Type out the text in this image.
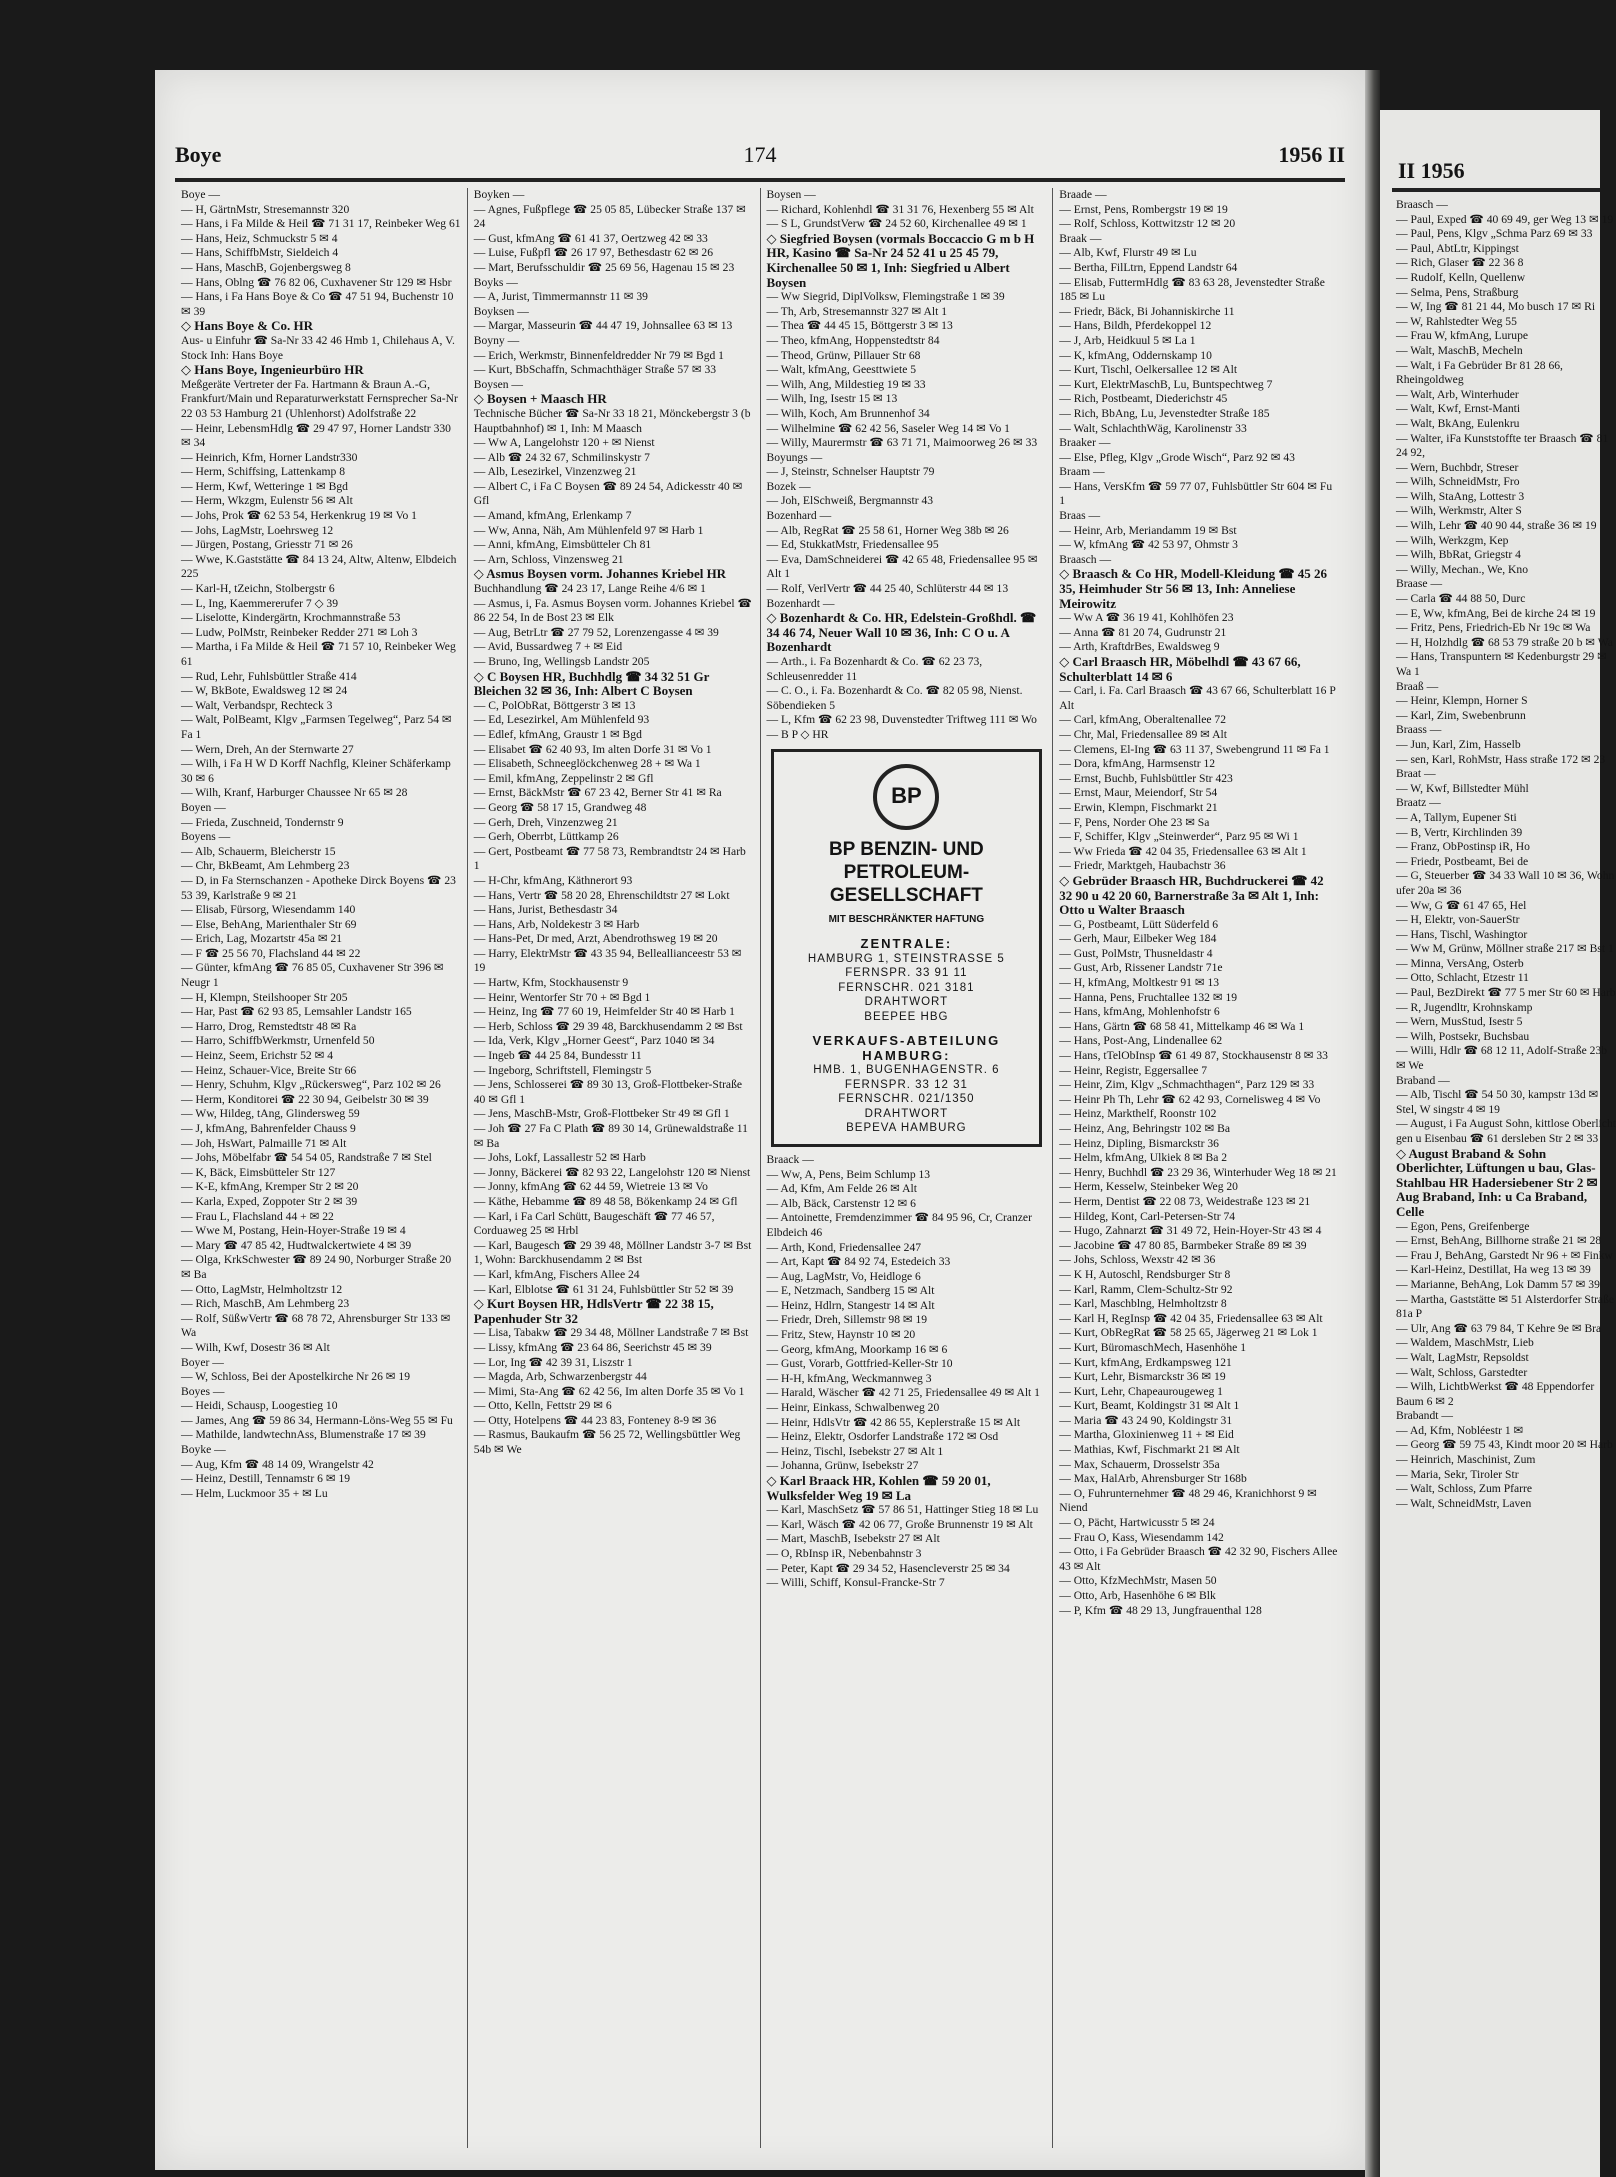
Boye	174	1956 II
Boye —
— H, GärtnMstr, Stresemannstr 320
— Hans, i Fa Milde & Heil ☎ 71 31 17, Reinbeker Weg 61
— Hans, Heiz, Schmuckstr 5 ✉ 4
— Hans, SchiffbMstr, Sieldeich 4
— Hans, MaschB, Gojenbergsweg 8
— Hans, Oblng ☎ 76 82 06, Cuxhavener Str 129 ✉ Hsbr
— Hans, i Fa Hans Boye & Co ☎ 47 51 94, Buchenstr 10 ✉ 39
◇ Hans Boye & Co. HR
Aus- u Einfuhr ☎ Sa-Nr 33 42 46 Hmb 1, Chilehaus A, V. Stock Inh: Hans Boye
◇ Hans Boye, Ingenieurbüro HR
Meßgeräte Vertreter der Fa. Hartmann & Braun A.-G, Frankfurt/Main und Reparaturwerkstatt Fernsprecher Sa-Nr 22 03 53 Hamburg 21 (Uhlenhorst) Adolfstraße 22
— Heinr, LebensmHdlg ☎ 29 47 97, Horner Landstr 330 ✉ 34
— Heinrich, Kfm, Horner Landstr330
— Herm, Schiffsing, Lattenkamp 8
— Herm, Kwf, Wetteringe 1 ✉ Bgd
— Herm, Wkzgm, Eulenstr 56 ✉ Alt
— Johs, Prok ☎ 62 53 54, Herkenkrug 19 ✉ Vo 1
— Johs, LagMstr, Loehrsweg 12
— Jürgen, Postang, Griesstr 71 ✉ 26
— Wwe, K.Gaststätte ☎ 84 13 24, Altw, Altenw, Elbdeich 225
— Karl-H, tZeichn, Stolbergstr 6
— L, Ing, Kaemmererufer 7 ◇ 39
— Liselotte, Kindergärtn, Krochmannstraße 53
— Ludw, PolMstr, Reinbeker Redder 271 ✉ Loh 3
— Martha, i Fa Milde & Heil ☎ 71 57 10, Reinbeker Weg 61
— Rud, Lehr, Fuhlsbüttler Straße 414
— W, BkBote, Ewaldsweg 12 ✉ 24
— Walt, Verbandspr, Rechteck 3
— Walt, PolBeamt, Klgv „Farmsen Tegelweg“, Parz 54 ✉ Fa 1
— Wern, Dreh, An der Sternwarte 27
— Wilh, i Fa H W D Korff Nachflg, Kleiner Schäferkamp 30 ✉ 6
— Wilh, Kranf, Harburger Chaussee Nr 65 ✉ 28
Boyen —
— Frieda, Zuschneid, Tondernstr 9
Boyens —
— Alb, Schauerm, Bleicherstr 15
— Chr, BkBeamt, Am Lehmberg 23
— D, in Fa Sternschanzen - Apotheke Dirck Boyens ☎ 23 53 39, Karlstraße 9 ✉ 21
— Elisab, Fürsorg, Wiesendamm 140
— Else, BehAng, Marienthaler Str 69
— Erich, Lag, Mozartstr 45a ✉ 21
— F ☎ 25 56 70, Flachsland 44 ✉ 22
— Günter, kfmAng ☎ 76 85 05, Cuxhavener Str 396 ✉ Neugr 1
— H, Klempn, Steilshooper Str 205
— Har, Past ☎ 62 93 85, Lemsahler Landstr 165
— Harro, Drog, Remstedtstr 48 ✉ Ra
— Harro, SchiffbWerkmstr, Urnenfeld 50
— Heinz, Seem, Erichstr 52 ✉ 4
— Heinz, Schauer-Vice, Breite Str 66
— Henry, Schuhm, Klgv „Rückersweg“, Parz 102 ✉ 26
— Herm, Konditorei ☎ 22 30 94, Geibelstr 30 ✉ 39
— Ww, Hildeg, tAng, Glindersweg 59
— J, kfmAng, Bahrenfelder Chauss 9
— Joh, HsWart, Palmaille 71 ✉ Alt
— Johs, Möbelfabr ☎ 54 54 05, Randstraße 7 ✉ Stel
— K, Bäck, Eimsbütteler Str 127
— K-E, kfmAng, Kremper Str 2 ✉ 20
— Karla, Exped, Zoppoter Str 2 ✉ 39
— Frau L, Flachsland 44 + ✉ 22
— Wwe M, Postang, Hein-Hoyer-Straße 19 ✉ 4
— Mary ☎ 47 85 42, Hudtwalckertwiete 4 ✉ 39
— Olga, KrkSchwester ☎ 89 24 90, Norburger Straße 20 ✉ Ba
— Otto, LagMstr, Helmholtzstr 12
— Rich, MaschB, Am Lehmberg 23
— Rolf, SüßwVertr ☎ 68 78 72, Ahrensburger Str 133 ✉ Wa
— Wilh, Kwf, Dosestr 36 ✉ Alt
Boyer —
— W, Schloss, Bei der Apostelkirche Nr 26 ✉ 19
Boyes —
— Heidi, Schausp, Loogestieg 10
— James, Ang ☎ 59 86 34, Hermann-Löns-Weg 55 ✉ Fu
— Mathilde, landwtechnAss, Blumenstraße 17 ✉ 39
Boyke —
— Aug, Kfm ☎ 48 14 09, Wrangelstr 42
— Heinz, Destill, Tennamstr 6 ✉ 19
— Helm, Luckmoor 35 + ✉ Lu
Boyken —
— Agnes, Fußpflege ☎ 25 05 85, Lübecker Straße 137 ✉ 24
— Gust, kfmAng ☎ 61 41 37, Oertzweg 42 ✉ 33
— Luise, Fußpfl ☎ 26 17 97, Bethesdastr 62 ✉ 26
— Mart, Berufsschuldir ☎ 25 69 56, Hagenau 15 ✉ 23
Boyks —
— A, Jurist, Timmermannstr 11 ✉ 39
Boyksen —
— Margar, Masseurin ☎ 44 47 19, Johnsallee 63 ✉ 13
Boyny —
— Erich, Werkmstr, Binnenfeldredder Nr 79 ✉ Bgd 1
— Kurt, BbSchaffn, Schmachthäger Straße 57 ✉ 33
Boysen —
◇ Boysen + Maasch HR
Technische Bücher ☎ Sa-Nr 33 18 21, Mönckebergstr 3 (b Hauptbahnhof) ✉ 1, Inh: M Maasch
— Ww A, Langelohstr 120 + ✉ Nienst
— Alb ☎ 24 32 67, Schmilinskystr 7
— Alb, Lesezirkel, Vinzenzweg 21
— Albert C, i Fa C Boysen ☎ 89 24 54, Adickesstr 40 ✉ Gfl
— Amand, kfmAng, Erlenkamp 7
— Ww, Anna, Näh, Am Mühlenfeld 97 ✉ Harb 1
— Anni, kfmAng, Eimsbütteler Ch 81
— Arn, Schloss, Vinzensweg 21
◇ Asmus Boysen vorm. Johannes Kriebel HR
Buchhandlung ☎ 24 23 17, Lange Reihe 4/6 ✉ 1
— Asmus, i, Fa. Asmus Boysen vorm. Johannes Kriebel ☎ 86 22 54, In de Bost 23 ✉ Elk
— Aug, BetrLtr ☎ 27 79 52, Lorenzengasse 4 ✉ 39
— Avid, Bussardweg 7 + ✉ Eid
— Bruno, Ing, Wellingsb Landstr 205
◇ C Boysen HR, Buchhdlg ☎ 34 32 51 Gr Bleichen 32 ✉ 36, Inh: Albert C Boysen
— C, PolObRat, Böttgerstr 3 ✉ 13
— Ed, Lesezirkel, Am Mühlenfeld 93
— Edlef, kfmAng, Graustr 1 ✉ Bgd
— Elisabet ☎ 62 40 93, Im alten Dorfe 31 ✉ Vo 1
— Elisabeth, Schneeglöckchenweg 28 + ✉ Wa 1
— Emil, kfmAng, Zeppelinstr 2 ✉ Gfl
— Ernst, BäckMstr ☎ 67 23 42, Berner Str 41 ✉ Ra
— Georg ☎ 58 17 15, Grandweg 48
— Gerh, Dreh, Vinzenzweg 21
— Gerh, Oberrbt, Lüttkamp 26
— Gert, Postbeamt ☎ 77 58 73, Rembrandtstr 24 ✉ Harb 1
— H-Chr, kfmAng, Käthnerort 93
— Hans, Vertr ☎ 58 20 28, Ehrenschildtstr 27 ✉ Lokt
— Hans, Jurist, Bethesdastr 34
— Hans, Arb, Noldekestr 3 ✉ Harb
— Hans-Pet, Dr med, Arzt, Abendrothsweg 19 ✉ 20
— Harry, ElektrMstr ☎ 43 35 94, Belleallianceestr 53 ✉ 19
— Hartw, Kfm, Stockhausenstr 9
— Heinr, Wentorfer Str 70 + ✉ Bgd 1
— Heinz, Ing ☎ 77 60 19, Heimfelder Str 40 ✉ Harb 1
— Herb, Schloss ☎ 29 39 48, Barckhusendamm 2 ✉ Bst
— Ida, Verk, Klgv „Horner Geest“, Parz 1040 ✉ 34
— Ingeb ☎ 44 25 84, Bundesstr 11
— Ingeborg, Schriftstell, Flemingstr 5
— Jens, Schlosserei ☎ 89 30 13, Groß-Flottbeker-Straße 40 ✉ Gfl 1
— Jens, MaschB-Mstr, Groß-Flottbeker Str 49 ✉ Gfl 1
— Joh ☎ 27 Fa C Plath ☎ 89 30 14, Grünewaldstraße 11 ✉ Ba
— Johs, Lokf, Lassallestr 52 ✉ Harb
— Jonny, Bäckerei ☎ 82 93 22, Langelohstr 120 ✉ Nienst
— Jonny, kfmAng ☎ 62 44 59, Wietreie 13 ✉ Vo
— Käthe, Hebamme ☎ 89 48 58, Bökenkamp 24 ✉ Gfl
— Karl, i Fa Carl Schütt, Baugeschäft ☎ 77 46 57, Corduaweg 25 ✉ Hrbl
— Karl, Baugesch ☎ 29 39 48, Möllner Landstr 3-7 ✉ Bst 1, Wohn: Barckhusendamm 2 ✉ Bst
— Karl, kfmAng, Fischers Allee 24
— Karl, Elblotse ☎ 61 31 24, Fuhlsbüttler Str 52 ✉ 39
◇ Kurt Boysen HR, HdlsVertr ☎ 22 38 15, Papenhuder Str 32
— Lisa, Tabakw ☎ 29 34 48, Möllner Landstraße 7 ✉ Bst
— Lissy, kfmAng ☎ 23 64 86, Seerichstr 45 ✉ 39
— Lor, Ing ☎ 42 39 31, Liszstr 1
— Magda, Arb, Schwarzenbergstr 44
— Mimi, Sta-Ang ☎ 62 42 56, Im alten Dorfe 35 ✉ Vo 1
— Otto, Kelln, Fettstr 29 ✉ 6
— Otty, Hotelpens ☎ 44 23 83, Fonteney 8-9 ✉ 36
— Rasmus, Baukaufm ☎ 56 25 72, Wellingsbüttler Weg 54b ✉ We
Boysen —
— Richard, Kohlenhdl ☎ 31 31 76, Hexenberg 55 ✉ Alt
— S L, GrundstVerw ☎ 24 52 60, Kirchenallee 49 ✉ 1
◇ Siegfried Boysen (vormals Boccaccio G m b H HR, Kasino ☎ Sa-Nr 24 52 41 u 25 45 79, Kirchenallee 50 ✉ 1, Inh: Siegfried u Albert Boysen
— Ww Siegrid, DiplVolksw, Flemingstraße 1 ✉ 39
— Th, Arb, Stresemannstr 327 ✉ Alt 1
— Thea ☎ 44 45 15, Böttgerstr 3 ✉ 13
— Theo, kfmAng, Hoppenstedtstr 84
— Theod, Grünw, Pillauer Str 68
— Walt, kfmAng, Geesttwiete 5
— Wilh, Ang, Mildestieg 19 ✉ 33
— Wilh, Ing, Isestr 15 ✉ 13
— Wilh, Koch, Am Brunnenhof 34
— Wilhelmine ☎ 62 42 56, Saseler Weg 14 ✉ Vo 1
— Willy, Maurermstr ☎ 63 71 71, Maimoorweg 26 ✉ 33
Boyungs —
— J, Steinstr, Schnelser Hauptstr 79
Bozek —
— Joh, ElSchweiß, Bergmannstr 43
Bozenhard —
— Alb, RegRat ☎ 25 58 61, Horner Weg 38b ✉ 26
— Ed, StukkatMstr, Friedensallee 95
— Eva, DamSchneiderei ☎ 42 65 48, Friedensallee 95 ✉ Alt 1
— Rolf, VerlVertr ☎ 44 25 40, Schlüterstr 44 ✉ 13
Bozenhardt —
◇ Bozenhardt & Co. HR, Edelstein-Großhdl. ☎ 34 46 74, Neuer Wall 10 ✉ 36, Inh: C O u. A Bozenhardt
— Arth., i. Fa Bozenhardt & Co. ☎ 62 23 73, Schleusenredder 11
— C. O., i. Fa. Bozenhardt & Co. ☎ 82 05 98, Nienst. Söbendieken 5
— L, Kfm ☎ 62 23 98, Duvenstedter Triftweg 111 ✉ Wo
— B P ◇ HR
BP
BP BENZIN- UND PETROLEUM- GESELLSCHAFT
MIT BESCHRÄNKTER HAFTUNG
ZENTRALE:
HAMBURG 1, STEINSTRASSE 5
FERNSPR. 33 91 11
FERNSCHR. 021 3181
DRAHTWORT
BEEPEE HBG
VERKAUFS-ABTEILUNG HAMBURG:
HMB. 1, BUGENHAGENSTR. 6
FERNSPR. 33 12 31
FERNSCHR. 021/1350
DRAHTWORT
BEPEVA HAMBURG
Braack —
— Ww, A, Pens, Beim Schlump 13
— Ad, Kfm, Am Felde 26 ✉ Alt
— Alb, Bäck, Carstenstr 12 ✉ 6
— Antoinette, Fremdenzimmer ☎ 84 95 96, Cr, Cranzer Elbdeich 46
— Arth, Kond, Friedensallee 247
— Art, Kapt ☎ 84 92 74, Estedeich 33
— Aug, LagMstr, Vo, Heidloge 6
— E, Netzmach, Sandberg 15 ✉ Alt
— Heinz, Hdlrn, Stangestr 14 ✉ Alt
— Friedr, Dreh, Sillemstr 98 ✉ 19
— Fritz, Stew, Haynstr 10 ✉ 20
— Georg, kfmAng, Moorkamp 16 ✉ 6
— Gust, Vorarb, Gottfried-Keller-Str 10
— H-H, kfmAng, Weckmannweg 3
— Harald, Wäscher ☎ 42 71 25, Friedensallee 49 ✉ Alt 1
— Heinr, Einkass, Schwalbenweg 20
— Heinr, HdlsVtr ☎ 42 86 55, Keplerstraße 15 ✉ Alt
— Heinz, Elektr, Osdorfer Landstraße 172 ✉ Osd
— Heinz, Tischl, Isebekstr 27 ✉ Alt 1
— Johanna, Grünw, Isebekstr 27
◇ Karl Braack HR, Kohlen ☎ 59 20 01, Wulksfelder Weg 19 ✉ La
— Karl, MaschSetz ☎ 57 86 51, Hattinger Stieg 18 ✉ Lu
— Karl, Wäsch ☎ 42 06 77, Große Brunnenstr 19 ✉ Alt
— Mart, MaschB, Isebekstr 27 ✉ Alt
— O, RbInsp iR, Nebenbahnstr 3
— Peter, Kapt ☎ 29 34 52, Hasencleverstr 25 ✉ 34
— Willi, Schiff, Konsul-Francke-Str 7
Braade —
— Ernst, Pens, Rombergstr 19 ✉ 19
— Rolf, Schloss, Kottwitzstr 12 ✉ 20
Braak —
— Alb, Kwf, Flurstr 49 ✉ Lu
— Bertha, FilLtrn, Eppend Landstr 64
— Elisab, FuttermHdlg ☎ 83 63 28, Jevenstedter Straße 185 ✉ Lu
— Friedr, Bäck, Bi Johanniskirche 11
— Hans, Bildh, Pferdekoppel 12
— J, Arb, Heidkuul 5 ✉ La 1
— K, kfmAng, Oddernskamp 10
— Kurt, Tischl, Oelkersallee 12 ✉ Alt
— Kurt, ElektrMaschB, Lu, Buntspechtweg 7
— Rich, Postbeamt, Diederichstr 45
— Rich, BbAng, Lu, Jevenstedter Straße 185
— Walt, SchlachthWäg, Karolinenstr 33
Braaker —
— Else, Pfleg, Klgv „Grode Wisch“, Parz 92 ✉ 43
Braam —
— Hans, VersKfm ☎ 59 77 07, Fuhlsbüttler Str 604 ✉ Fu 1
Braas —
— Heinr, Arb, Meriandamm 19 ✉ Bst
— W, kfmAng ☎ 42 53 97, Ohmstr 3
Braasch —
◇ Braasch & Co HR, Modell-Kleidung ☎ 45 26 35, Heimhuder Str 56 ✉ 13, Inh: Anneliese Meirowitz
— Ww A ☎ 36 19 41, Kohlhöfen 23
— Anna ☎ 81 20 74, Gudrunstr 21
— Arth, KraftdrBes, Ewaldsweg 9
◇ Carl Braasch HR, Möbelhdl ☎ 43 67 66, Schulterblatt 14 ✉ 6
— Carl, i. Fa. Carl Braasch ☎ 43 67 66, Schulterblatt 16 P Alt
— Carl, kfmAng, Oberaltenallee 72
— Chr, Mal, Friedensallee 89 ✉ Alt
— Clemens, El-Ing ☎ 63 11 37, Swebengrund 11 ✉ Fa 1
— Dora, kfmAng, Harmsenstr 12
— Ernst, Buchb, Fuhlsbüttler Str 423
— Ernst, Maur, Meiendorf, Str 54
— Erwin, Klempn, Fischmarkt 21
— F, Pens, Norder Ohe 23 ✉ Sa
— F, Schiffer, Klgv „Steinwerder“, Parz 95 ✉ Wi 1
— Ww Frieda ☎ 42 04 35, Friedensallee 63 ✉ Alt 1
— Friedr, Marktgeh, Haubachstr 36
◇ Gebrüder Braasch HR, Buchdruckerei ☎ 42 32 90 u 42 20 60, Barnerstraße 3a ✉ Alt 1, Inh: Otto u Walter Braasch
— G, Postbeamt, Lütt Süderfeld 6
— Gerh, Maur, Eilbeker Weg 184
— Gust, PolMstr, Thusneldastr 4
— Gust, Arb, Rissener Landstr 71e
— H, kfmAng, Moltkestr 91 ✉ 13
— Hanna, Pens, Fruchtallee 132 ✉ 19
— Hans, kfmAng, Mohlenhofstr 6
— Hans, Gärtn ☎ 68 58 41, Mittelkamp 46 ✉ Wa 1
— Hans, Post-Ang, Lindenallee 62
— Hans, tTelObInsp ☎ 61 49 87, Stockhausenstr 8 ✉ 33
— Heinr, Registr, Eggersallee 7
— Heinr, Zim, Klgv „Schmachthagen“, Parz 129 ✉ 33
— Heinr Ph Th, Lehr ☎ 62 42 93, Cornelisweg 4 ✉ Vo
— Heinz, Markthelf, Roonstr 102
— Heinz, Ang, Behringstr 102 ✉ Ba
— Heinz, Dipling, Bismarckstr 36
— Helm, kfmAng, Ulkiek 8 ✉ Ba 2
— Henry, Buchhdl ☎ 23 29 36, Winterhuder Weg 18 ✉ 21
— Herm, Kesselw, Steinbeker Weg 20
— Herm, Dentist ☎ 22 08 73, Weidestraße 123 ✉ 21
— Hildeg, Kont, Carl-Petersen-Str 74
— Hugo, Zahnarzt ☎ 31 49 72, Hein-Hoyer-Str 43 ✉ 4
— Jacobine ☎ 47 80 85, Barmbeker Straße 89 ✉ 39
— Johs, Schloss, Wexstr 42 ✉ 36
— K H, Autoschl, Rendsburger Str 8
— Karl, Ramm, Clem-Schultz-Str 92
— Karl, Maschblng, Helmholtzstr 8
— Karl H, RegInsp ☎ 42 04 35, Friedensallee 63 ✉ Alt
— Kurt, ObRegRat ☎ 58 25 65, Jägerweg 21 ✉ Lok 1
— Kurt, BüromaschMech, Hasenhöhe 1
— Kurt, kfmAng, Erdkampsweg 121
— Kurt, Lehr, Bismarckstr 36 ✉ 19
— Kurt, Lehr, Chapeaurougeweg 1
— Kurt, Beamt, Koldingstr 31 ✉ Alt 1
— Maria ☎ 43 24 90, Koldingstr 31
— Martha, Gloxinienweg 11 + ✉ Eid
— Mathias, Kwf, Fischmarkt 21 ✉ Alt
— Max, Schauerm, Drosselstr 35a
— Max, HalArb, Ahrensburger Str 168b
— O, Fuhrunternehmer ☎ 48 29 46, Kranichhorst 9 ✉ Niend
— O, Pächt, Hartwicusstr 5 ✉ 24
— Frau O, Kass, Wiesendamm 142
— Otto, i Fa Gebrüder Braasch ☎ 42 32 90, Fischers Allee 43 ✉ Alt
— Otto, KfzMechMstr, Masen 50
— Otto, Arb, Hasenhöhe 6 ✉ Blk
— P, Kfm ☎ 48 29 13, Jungfrauenthal 128
II 1956
Braasch —
— Paul, Exped ☎ 40 69 49, ger Weg 13 ✉ 19
— Paul, Pens, Klgv „Schma Parz 69 ✉ 33
— Paul, AbtLtr, Kippingst
— Rich, Glaser ☎ 22 36 8
— Rudolf, Kelln, Quellenw
— Selma, Pens, Straßburg
— W, Ing ☎ 81 21 44, Mo busch 17 ✉ Ri
— W, Rahlstedter Weg 55
— Frau W, kfmAng, Lurupe
— Walt, MaschB, Mecheln
— Walt, i Fa Gebrüder Br 81 28 66, Rheingoldweg
— Walt, Arb, Winterhuder
— Walt, Kwf, Ernst-Manti
— Walt, BkAng, Eulenkru
— Walter, iFa Kunststoffte ter Braasch ☎ 81 24 92,
— Wern, Buchbdr, Streser
— Wilh, SchneidMstr, Fro
— Wilh, StaAng, Lottestr 3
— Wilh, Werkmstr, Alter S
— Wilh, Lehr ☎ 40 90 44, straße 36 ✉ 19
— Wilh, Werkzgm, Kep
— Wilh, BbRat, Griegstr 4
— Willy, Mechan., We, Kno
Braase —
— Carla ☎ 44 88 50, Durc
— E, Ww, kfmAng, Bei de kirche 24 ✉ 19
— Fritz, Pens, Friedrich-Eb Nr 19c ✉ Wa
— H, Holzhdlg ☎ 68 53 79 straße 20 b ✉ Wa
— Hans, Transpuntern ✉ Kedenburgstr 29 ✉ Wa 1
Braaß —
— Heinr, Klempn, Horner S
— Karl, Zim, Swebenbrunn
Braass —
— Jun, Karl, Zim, Hasselb
— sen, Karl, RohMstr, Hass straße 172 ✉ 23
Braat —
— W, Kwf, Billstedter Mühl
Braatz —
— A, Tallym, Eupener Sti
— B, Vertr, Kirchlinden 39
— Franz, ObPostinsp iR, Ho
— Friedr, Postbeamt, Bei de
— G, Steuerber ☎ 34 33 Wall 10 ✉ 36, Wohn ufer 20a ✉ 36
— Ww, G ☎ 61 47 65, Hel
— H, Elektr, von-SauerStr
— Hans, Tischl, Washingtor
— Ww M, Grünw, Möllner straße 217 ✉ Bst 1
— Minna, VersAng, Osterb
— Otto, Schlacht, Etzestr 11
— Paul, BezDirekt ☎ 77 5 mer Str 60 ✉ Harb
— R, Jugendltr, Krohnskamp
— Wern, MusStud, Isestr 5
— Wilh, Postsekr, Buchsbau
— Willi, Hdlr ☎ 68 12 11, Adolf-Straße 23b ✉ We
Braband —
— Alb, Tischl ☎ 54 50 30, kampstr 13d ✉ Stel, W singstr 4 ✉ 19
— August, i Fa August Sohn, kittlose Oberlicht gen u Eisenbau ☎ 61 dersleben Str 2 ✉ 33
◇ August Braband & Sohn Oberlichter, Lüftungen u bau, Glas-Stahlbau HR Hadersiebener Str 2 ✉ Aug Braband, Inh: u Ca Braband, Celle
— Egon, Pens, Greifenberge
— Ernst, BehAng, Billhorne straße 21 ✉ 28
— Frau J, BehAng, Garstedt Nr 96 + ✉ Finkw
— Karl-Heinz, Destillat, Ha weg 13 ✉ 39
— Marianne, BehAng, Lok Damm 57 ✉ 39
— Martha, Gaststätte ✉ 51 Alsterdorfer Straße 81a P
— Ulr, Ang ☎ 63 79 84, T Kehre 9e ✉ Bra
— Waldem, MaschMstr, Lieb
— Walt, LagMstr, Repsoldst
— Walt, Schloss, Garstedter
— Wilh, LichtbWerkst ☎ 48 Eppendorfer Baum 6 ✉ 2
Brabandt —
— Ad, Kfm, Nobléestr 1 ✉
— Georg ☎ 59 75 43, Kindt moor 20 ✉ Harb
— Heinrich, Maschinist, Zum
— Maria, Sekr, Tiroler Str
— Walt, Schloss, Zum Pfarre
— Walt, SchneidMstr, Laven
